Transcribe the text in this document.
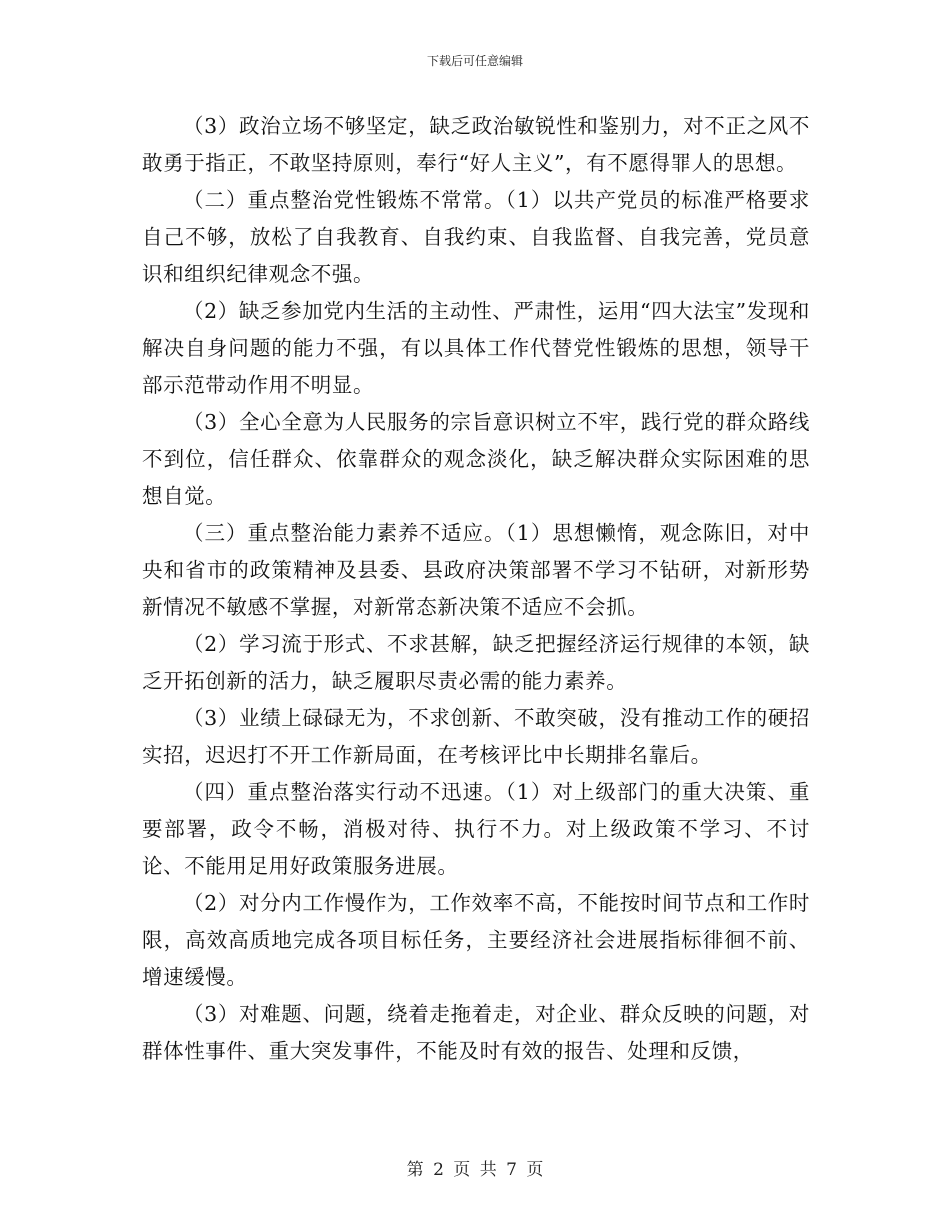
下载后可任意编辑

（3）政治立场不够坚定，缺乏政治敏锐性和鉴别力，对不正之风不敢勇于指正，不敢坚持原则，奉行“好人主义”，有不愿得罪人的思想。

（二）重点整治党性锻炼不常常。（1）以共产党员的标准严格要求自己不够，放松了自我教育、自我约束、自我监督、自我完善，党员意识和组织纪律观念不强。

（2）缺乏参加党内生活的主动性、严肃性，运用“四大法宝”发现和解决自身问题的能力不强，有以具体工作代替党性锻炼的思想，领导干部示范带动作用不明显。

（3）全心全意为人民服务的宗旨意识树立不牢，践行党的群众路线不到位，信任群众、依靠群众的观念淡化，缺乏解决群众实际困难的思想自觉。

（三）重点整治能力素养不适应。（1）思想懒惰，观念陈旧，对中央和省市的政策精神及县委、县政府决策部署不学习不钻研，对新形势新情况不敏感不掌握，对新常态新决策不适应不会抓。

（2）学习流于形式、不求甚解，缺乏把握经济运行规律的本领，缺乏开拓创新的活力，缺乏履职尽责必需的能力素养。

（3）业绩上碌碌无为，不求创新、不敢突破，没有推动工作的硬招实招，迟迟打不开工作新局面，在考核评比中长期排名靠后。

（四）重点整治落实行动不迅速。（1）对上级部门的重大决策、重要部署，政令不畅，消极对待、执行不力。对上级政策不学习、不讨论、不能用足用好政策服务进展。

（2）对分内工作慢作为，工作效率不高，不能按时间节点和工作时限，高效高质地完成各项目标任务，主要经济社会进展指标徘徊不前、增速缓慢。

（3）对难题、问题，绕着走拖着走，对企业、群众反映的问题，对群体性事件、重大突发事件，不能及时有效的报告、处理和反馈，

第 2 页 共 7 页
